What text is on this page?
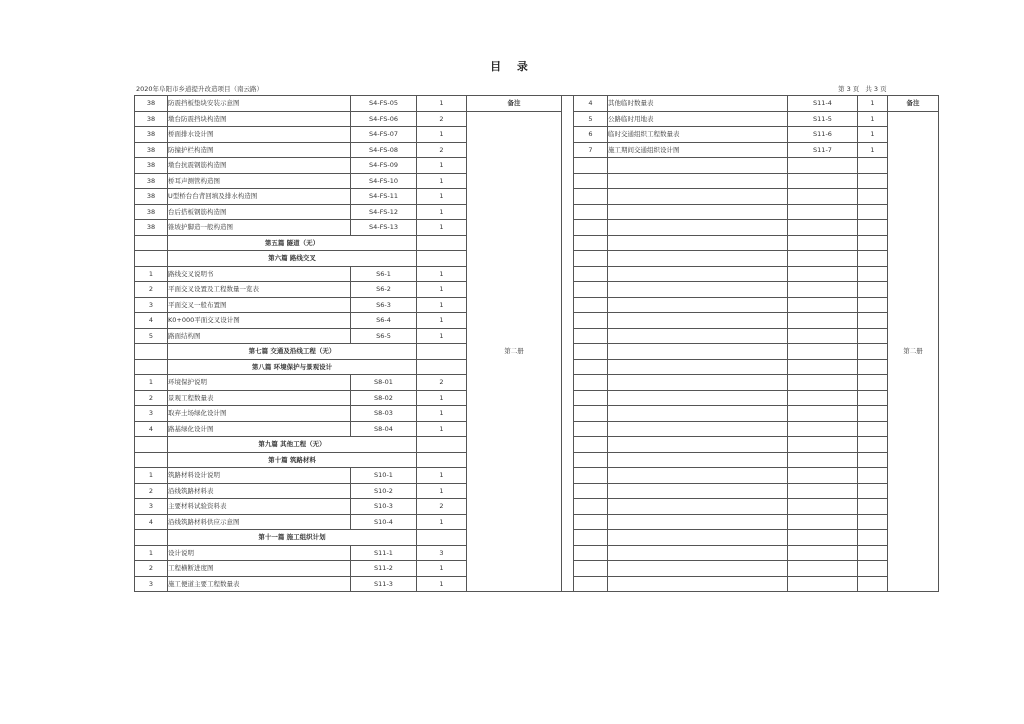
目 录
2020年阜阳市乡道提升改造项目（南云路）	第 3 页 共 3 页
38	防震挡板垫块安装示意图	S4-FS-05	1	备注		4	其他临时数量表	S11-4	1	备注
38	墩台防震挡块构造图	S4-FS-06	2	第二册		5	公路临时用地表	S11-5	1	第二册
38	桥面排水设计图	S4-FS-07	1			6	临时交通组织工程数量表	S11-6	1	
38	防撞护栏构造图	S4-FS-08	2			7	施工期间交通组织设计图	S11-7	1	
38	墩台抗震钢筋构造图	S4-FS-09	1							
38	桥耳声测管构造图	S4-FS-10	1							
38	U型桥台台背回填及排水构造图	S4-FS-11	1							
38	台后搭板钢筋构造图	S4-FS-12	1							
38	锥坡护脚造一般构造图	S4-FS-13	1							
	第五篇 隧道（无）									
	第六篇 路线交叉									
1	路线交叉说明书	S6-1	1							
2	平面交叉设置及工程数量一览表	S6-2	1							
3	平面交叉一般布置图	S6-3	1							
4	K0+000平面交叉设计图	S6-4	1							
5	路面结构图	S6-5	1							
	第七篇 交通及沿线工程（无）									
	第八篇 环境保护与景观设计									
1	环境保护说明	S8-01	2							
2	景观工程数量表	S8-02	1							
3	取弃土场绿化设计图	S8-03	1							
4	路基绿化设计图	S8-04	1							
	第九篇 其他工程（无）									
	第十篇 筑路材料									
1	筑路材料设计说明	S10-1	1							
2	沿线筑路材料表	S10-2	1							
3	主要材料试验资料表	S10-3	2							
4	沿线筑路材料供应示意图	S10-4	1							
	第十一篇 施工组织计划									
1	设计说明	S11-1	3							
2	工程横断进度图	S11-2	1							
3	施工便道主要工程数量表	S11-3	1							
